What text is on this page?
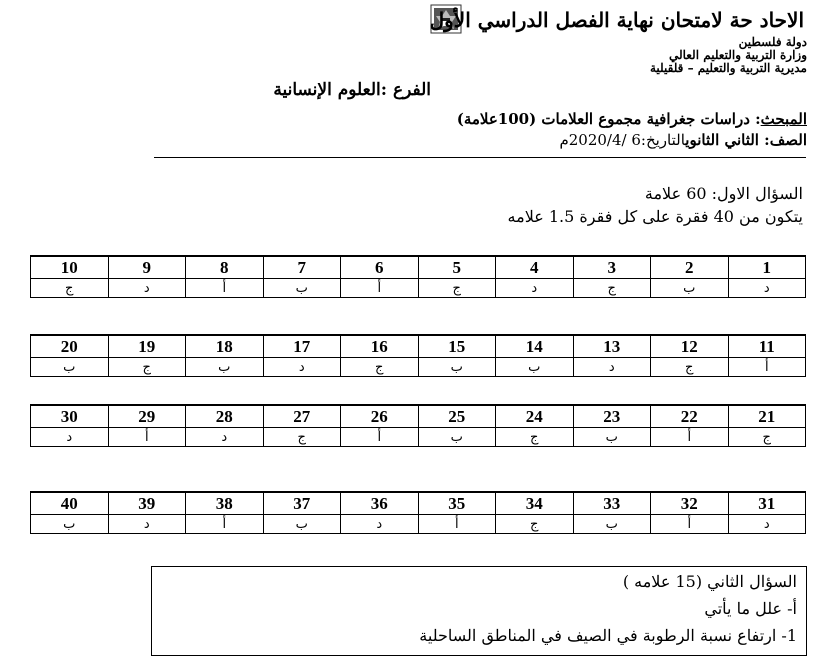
الاحاد حة لامتحان نهاية الفصل الدراسي الأول
دولة فلسطين
وزارة التربية والتعليم العالي
مديرية التربية والتعليم – قلقيلية
الفرع :العلوم الإنسانية
المبحث: دراسات جغرافية مجموع العلامات (100علامة)
الصف: الثاني الثانويالتاريخ:6 /2020/4م
السؤال الاول: 60 علامة
يتكون من 40 فقرة على كل فقرة 1.5 علامه
1	2	3	4	5	6	7	8	9	10
د	ب	ج	د	ج	أ	ب	أ	د	ج
11	12	13	14	15	16	17	18	19	20
أ	ج	د	ب	ب	ج	د	ب	ج	ب
21	22	23	24	25	26	27	28	29	30
ج	أ	ب	ج	ب	أ	ج	د	أ	د
31	32	33	34	35	36	37	38	39	40
د	أ	ب	ج	أ	د	ب	أ	د	ب
السؤال الثاني (15 علامه )
أ- علل ما يأتي
1- ارتفاع نسبة الرطوبة في الصيف في المناطق الساحلية
